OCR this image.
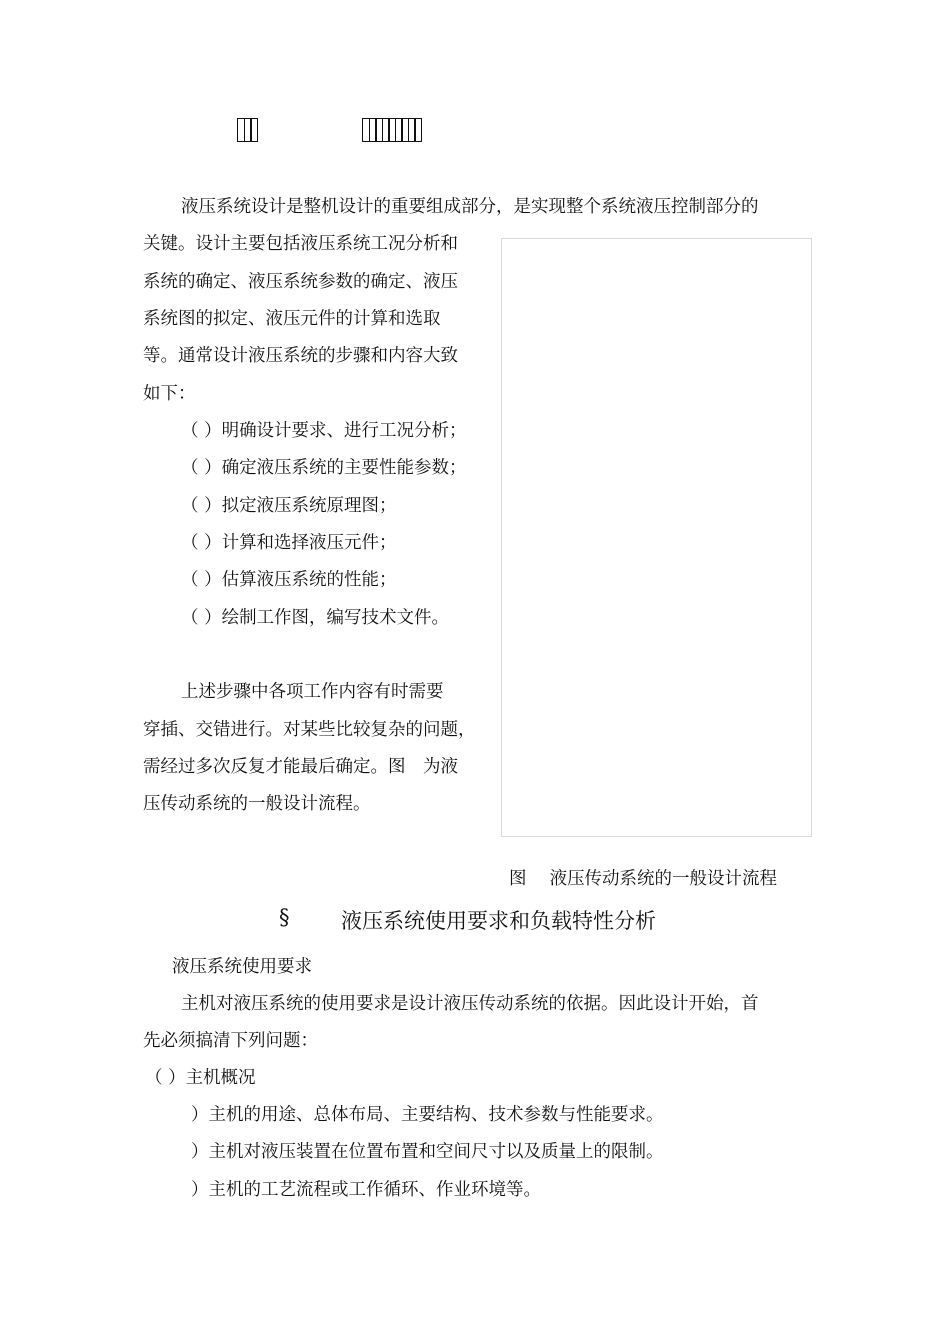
液压系统设计是整机设计的重要组成部分，是实现整个系统液压控制部分的
关键。设计主要包括液压系统工况分析和
系统的确定、液压系统参数的确定、液压
系统图的拟定、液压元件的计算和选取
等。通常设计液压系统的步骤和内容大致
如下：
（ ）明确设计要求、进行工况分析；
（ ）确定液压系统的主要性能参数；
（ ）拟定液压系统原理图；
（ ）计算和选择液压元件；
（ ）估算液压系统的性能；
（ ）绘制工作图，编写技术文件。
上述步骤中各项工作内容有时需要
穿插、交错进行。对某些比较复杂的问题，
需经过多次反复才能最后确定。图　为液
压传动系统的一般设计流程。
图　 液压传动系统的一般设计流程
§ 液压系统使用要求和负载特性分析
液压系统使用要求
主机对液压系统的使用要求是设计液压传动系统的依据。因此设计开始，首
先必须搞清下列问题：
（ ）主机概况
）主机的用途、总体布局、主要结构、技术参数与性能要求。
）主机对液压装置在位置布置和空间尺寸以及质量上的限制。
）主机的工艺流程或工作循环、作业环境等。
